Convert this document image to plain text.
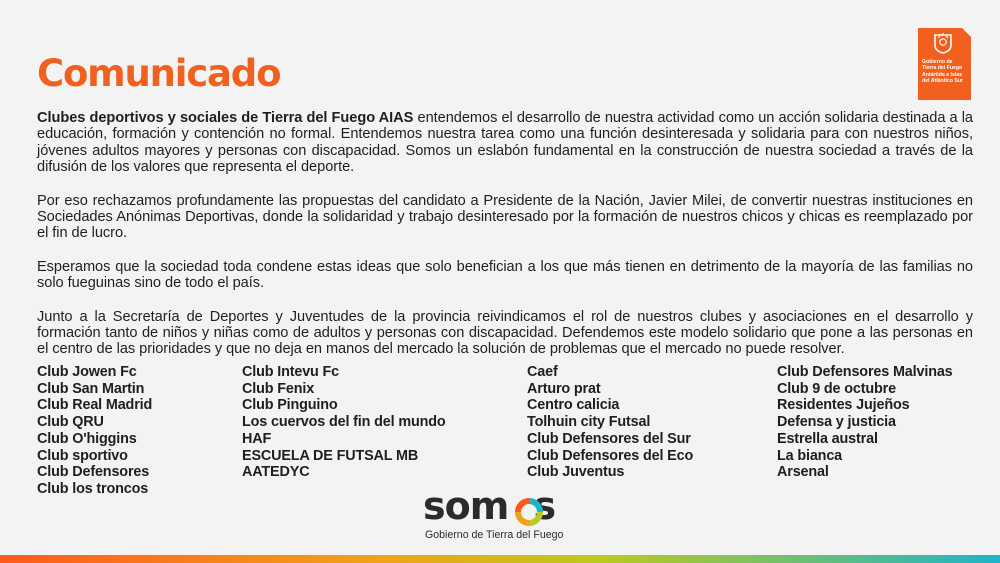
Comunicado	Gobierno de
Tierra del Fuego
Antártida e Islas
del Atlántico Sur

Clubes deportivos y sociales de Tierra del Fuego AIAS entendemos el desarrollo de nuestra actividad como un acción solidaria destinada a la educación, formación y contención no formal. Entendemos nuestra tarea como una función desinteresada y solidaria para con nuestros niños, jóvenes adultos mayores y personas con discapacidad. Somos un eslabón fundamental en la construcción de nuestra sociedad a través de la difusión de los valores que representa el deporte.

Por eso rechazamos profundamente las propuestas del candidato a Presidente de la Nación, Javier Milei, de convertir nuestras instituciones en Sociedades Anónimas Deportivas, donde la solidaridad y trabajo desinteresado por la formación de nuestros chicos y chicas es reemplazado por el fin de lucro.

Esperamos que la sociedad toda condene estas ideas que solo benefician a los que más tienen en detrimento de la mayoría de las familias no solo fueguinas sino de todo el país.

Junto a la Secretaría de Deportes y Juventudes de la provincia reivindicamos el rol de nuestros clubes y asociaciones en el desarrollo y formación tanto de niños y niñas como de adultos y personas con discapacidad. Defendemos este modelo solidario que pone a las personas en el centro de las prioridades y que no deja en manos del mercado la solución de problemas que el mercado no puede resolver.

Club Jowen Fc
Club San Martin
Club Real Madrid
Club QRU
Club O'higgins
Club sportivo
Club Defensores
Club los troncos
Club Intevu Fc
Club Fenix
Club Pinguino
Los cuervos del fin del mundo
HAF
ESCUELA DE FUTSAL MB
AATEDYC
Caef
Arturo prat
Centro calicia
Tolhuin city Futsal
Club Defensores del Sur
Club Defensores del Eco
Club Juventus
Club Defensores Malvinas
Club 9 de octubre
Residentes Jujeños
Defensa y justicia
Estrella austral
La bianca
Arsenal
som s
Gobierno de Tierra del Fuego
